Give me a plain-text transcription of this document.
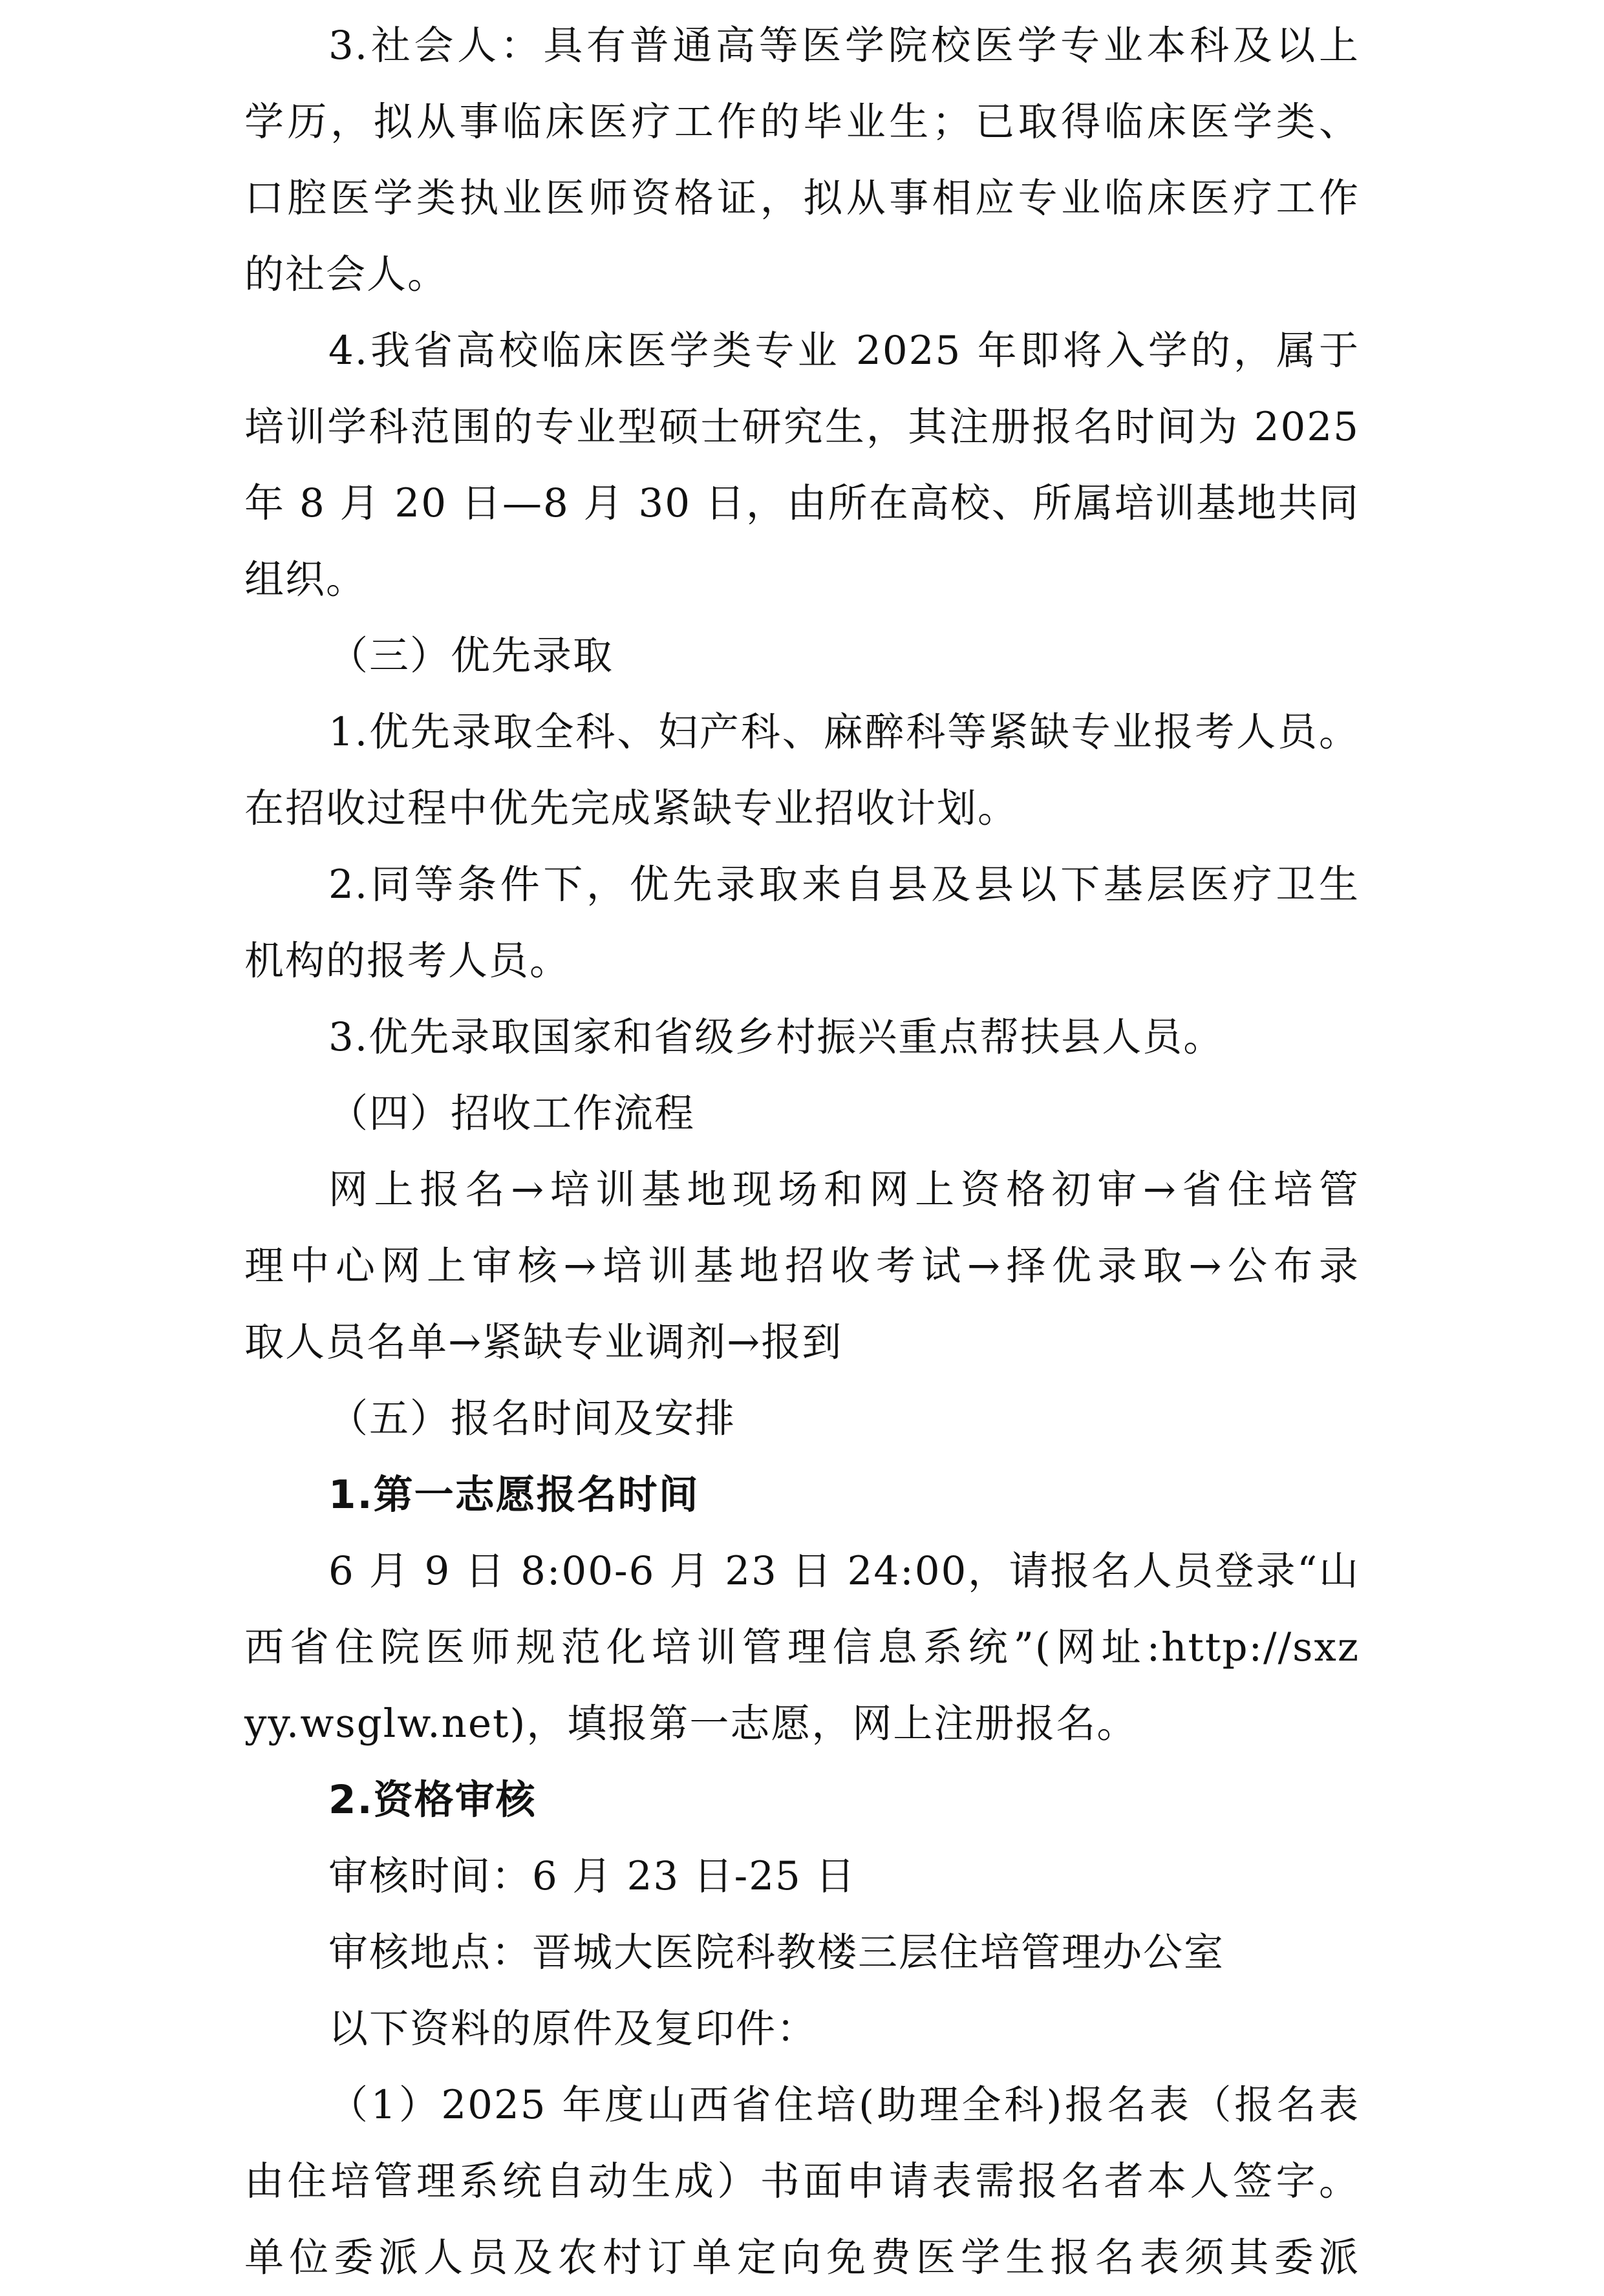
3.社会人：具有普通高等医学院校医学专业本科及以上
学历，拟从事临床医疗工作的毕业生；已取得临床医学类、
口腔医学类执业医师资格证，拟从事相应专业临床医疗工作
的社会人。
4.我省高校临床医学类专业 2025 年即将入学的，属于
培训学科范围的专业型硕士研究生，其注册报名时间为 2025
年 8 月 20 日—8 月 30 日，由所在高校、所属培训基地共同
组织。
（三）优先录取
1.优先录取全科、妇产科、麻醉科等紧缺专业报考人员。
在招收过程中优先完成紧缺专业招收计划。
2.同等条件下，优先录取来自县及县以下基层医疗卫生
机构的报考人员。
3.优先录取国家和省级乡村振兴重点帮扶县人员。
（四）招收工作流程
网上报名→培训基地现场和网上资格初审→省住培管
理中心网上审核→培训基地招收考试→择优录取→公布录
取人员名单→紧缺专业调剂→报到
（五）报名时间及安排
1.第一志愿报名时间
6 月 9 日 8:00-6 月 23 日 24:00，请报名人员登录“山
西省住院医师规范化培训管理信息系统”(网址:http://sxz
yy.wsglw.net)，填报第一志愿，网上注册报名。
2.资格审核
审核时间：6 月 23 日-25 日
审核地点：晋城大医院科教楼三层住培管理办公室
以下资料的原件及复印件：
（1）2025 年度山西省住培(助理全科)报名表（报名表
由住培管理系统自动生成）书面申请表需报名者本人签字。
单位委派人员及农村订单定向免费医学生报名表须其委派
